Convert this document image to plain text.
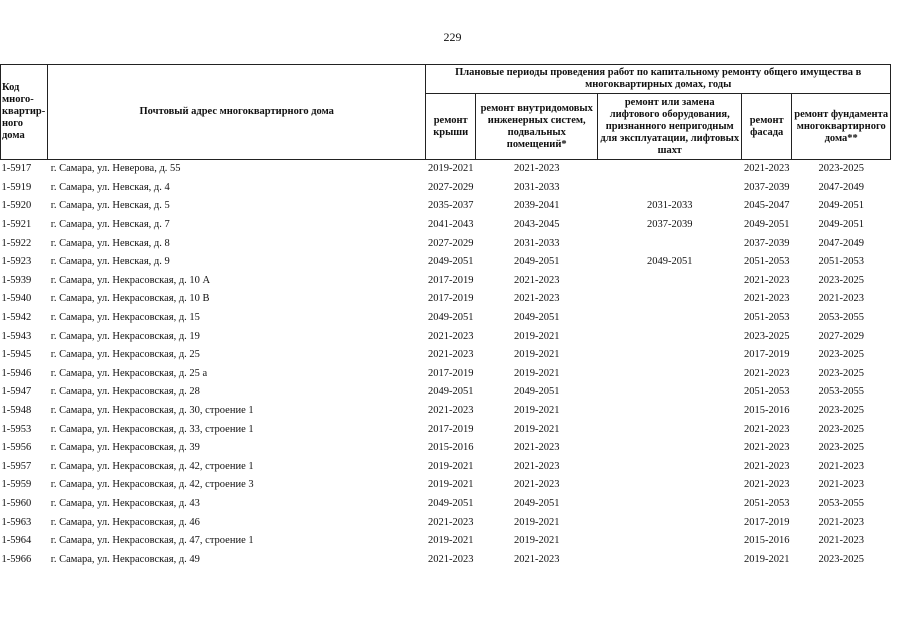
229
Код
много-
квартир-
ного
дома	Почтовый адрес многоквартирного дома	Плановые периоды проведения работ по капитальному ремонту общего имущества в многоквартирных домах, годы				
		ремонт крыши	ремонт внутридомовых инженерных систем, подвальных помещений*	ремонт или замена лифтового оборудования, признанного непригодным для эксплуатации, лифтовых шахт	ремонт фасада	ремонт фундамента многоквартирного дома**
1-5917	г. Самара, ул. Неверова, д. 55	2019-2021	2021-2023		2021-2023	2023-2025
1-5919	г. Самара, ул. Невская, д. 4	2027-2029	2031-2033		2037-2039	2047-2049
1-5920	г. Самара, ул. Невская, д. 5	2035-2037	2039-2041	2031-2033	2045-2047	2049-2051
1-5921	г. Самара, ул. Невская, д. 7	2041-2043	2043-2045	2037-2039	2049-2051	2049-2051
1-5922	г. Самара, ул. Невская, д. 8	2027-2029	2031-2033		2037-2039	2047-2049
1-5923	г. Самара, ул. Невская, д. 9	2049-2051	2049-2051	2049-2051	2051-2053	2051-2053
1-5939	г. Самара, ул. Некрасовская, д. 10 А	2017-2019	2021-2023		2021-2023	2023-2025
1-5940	г. Самара, ул. Некрасовская, д. 10 В	2017-2019	2021-2023		2021-2023	2021-2023
1-5942	г. Самара, ул. Некрасовская, д. 15	2049-2051	2049-2051		2051-2053	2053-2055
1-5943	г. Самара, ул. Некрасовская, д. 19	2021-2023	2019-2021		2023-2025	2027-2029
1-5945	г. Самара, ул. Некрасовская, д. 25	2021-2023	2019-2021		2017-2019	2023-2025
1-5946	г. Самара, ул. Некрасовская, д. 25 а	2017-2019	2019-2021		2021-2023	2023-2025
1-5947	г. Самара, ул. Некрасовская, д. 28	2049-2051	2049-2051		2051-2053	2053-2055
1-5948	г. Самара, ул. Некрасовская, д. 30, строение 1	2021-2023	2019-2021		2015-2016	2023-2025
1-5953	г. Самара, ул. Некрасовская, д. 33, строение 1	2017-2019	2019-2021		2021-2023	2023-2025
1-5956	г. Самара, ул. Некрасовская, д. 39	2015-2016	2021-2023		2021-2023	2023-2025
1-5957	г. Самара, ул. Некрасовская, д. 42, строение 1	2019-2021	2021-2023		2021-2023	2021-2023
1-5959	г. Самара, ул. Некрасовская, д. 42, строение 3	2019-2021	2021-2023		2021-2023	2021-2023
1-5960	г. Самара, ул. Некрасовская, д. 43	2049-2051	2049-2051		2051-2053	2053-2055
1-5963	г. Самара, ул. Некрасовская, д. 46	2021-2023	2019-2021		2017-2019	2021-2023
1-5964	г. Самара, ул. Некрасовская, д. 47, строение 1	2019-2021	2019-2021		2015-2016	2021-2023
1-5966	г. Самара, ул. Некрасовская, д. 49	2021-2023	2021-2023		2019-2021	2023-2025
